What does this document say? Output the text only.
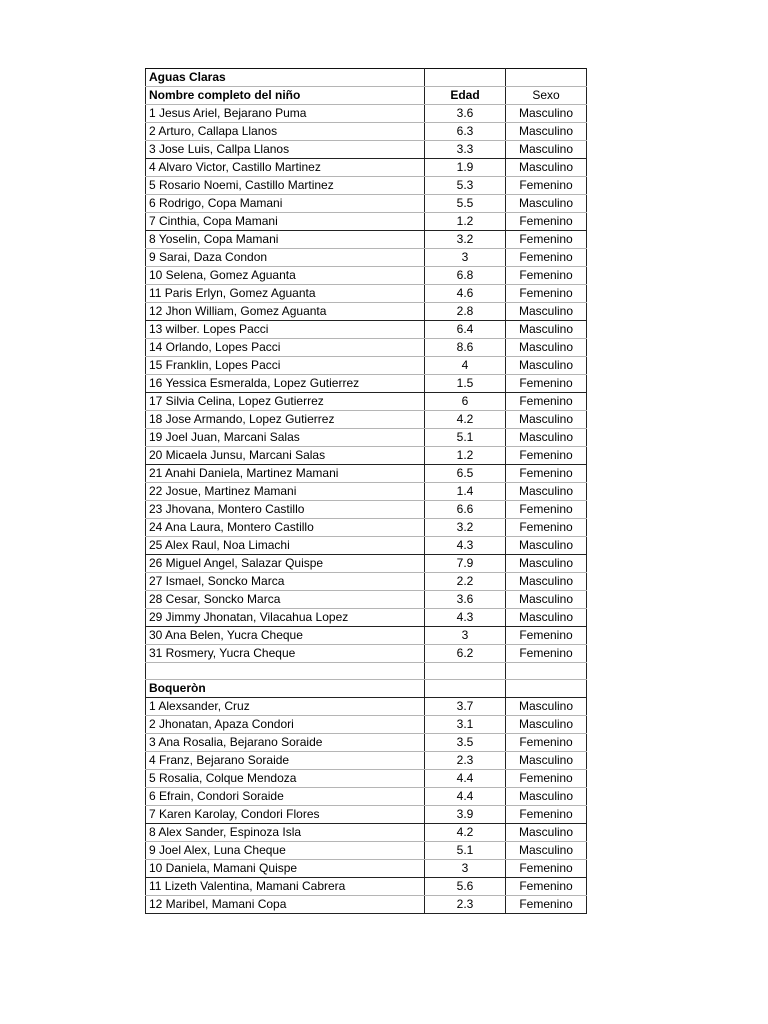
Aguas Claras		
Nombre completo del niño	Edad	Sexo
1 Jesus Ariel, Bejarano Puma	3.6	Masculino
2 Arturo, Callapa Llanos	6.3	Masculino
3 Jose Luis, Callpa Llanos	3.3	Masculino
4 Alvaro Victor, Castillo Martinez	1.9	Masculino
5 Rosario Noemi, Castillo Martinez	5.3	Femenino
6 Rodrigo, Copa Mamani	5.5	Masculino
7 Cinthia, Copa Mamani	1.2	Femenino
8 Yoselin, Copa Mamani	3.2	Femenino
9 Sarai, Daza Condon	3	Femenino
10 Selena, Gomez Aguanta	6.8	Femenino
11 Paris Erlyn, Gomez Aguanta	4.6	Femenino
12 Jhon William, Gomez Aguanta	2.8	Masculino
13 wilber. Lopes Pacci	6.4	Masculino
14 Orlando, Lopes Pacci	8.6	Masculino
15 Franklin, Lopes Pacci	4	Masculino
16 Yessica Esmeralda, Lopez Gutierrez	1.5	Femenino
17 Silvia Celina, Lopez Gutierrez	6	Femenino
18 Jose Armando, Lopez Gutierrez	4.2	Masculino
19 Joel Juan, Marcani Salas	5.1	Masculino
20 Micaela Junsu, Marcani Salas	1.2	Femenino
21 Anahi Daniela, Martinez Mamani	6.5	Femenino
22 Josue, Martinez Mamani	1.4	Masculino
23 Jhovana, Montero Castillo	6.6	Femenino
24 Ana Laura, Montero Castillo	3.2	Femenino
25 Alex Raul, Noa Limachi	4.3	Masculino
26 Miguel Angel, Salazar Quispe	7.9	Masculino
27 Ismael, Soncko Marca	2.2	Masculino
28 Cesar, Soncko Marca	3.6	Masculino
29 Jimmy Jhonatan, Vilacahua Lopez	4.3	Masculino
30 Ana Belen, Yucra Cheque	3	Femenino
31 Rosmery, Yucra Cheque	6.2	Femenino

Boqueròn		
1 Alexsander, Cruz	3.7	Masculino
2 Jhonatan, Apaza Condori	3.1	Masculino
3 Ana Rosalia, Bejarano Soraide	3.5	Femenino
4 Franz, Bejarano Soraide	2.3	Masculino
5 Rosalia, Colque Mendoza	4.4	Femenino
6 Efrain, Condori Soraide	4.4	Masculino
7 Karen Karolay, Condori Flores	3.9	Femenino
8 Alex Sander, Espinoza Isla	4.2	Masculino
9 Joel Alex, Luna Cheque	5.1	Masculino
10 Daniela, Mamani Quispe	3	Femenino
11 Lizeth Valentina, Mamani Cabrera	5.6	Femenino
12 Maribel, Mamani Copa	2.3	Femenino
